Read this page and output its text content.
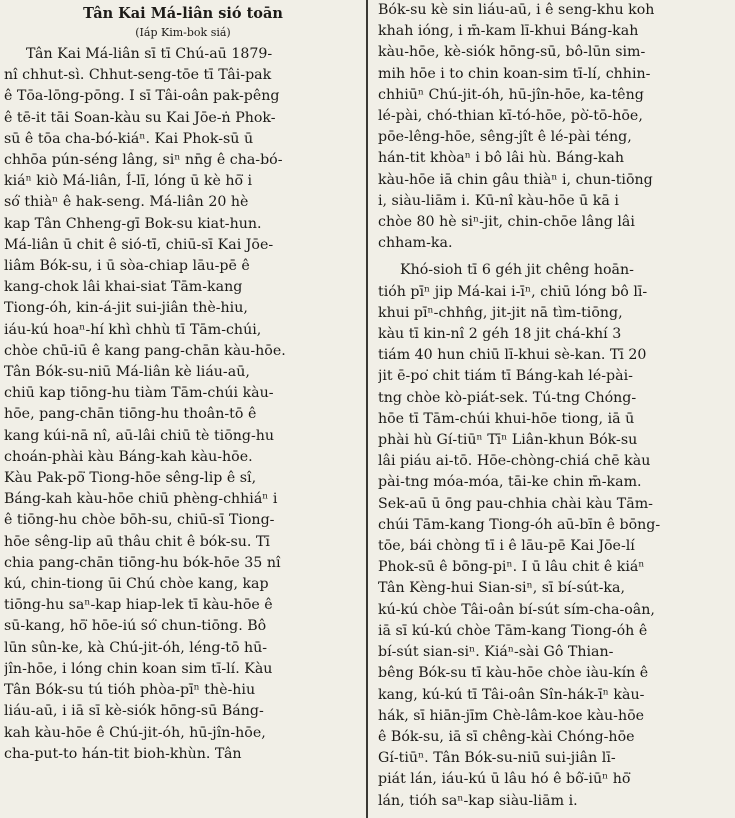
Tân Kai Má-liân sió toān
(Iáp Kim-bok siá)
Tân Kai Má-liân sī tī Chú-aū 1879-
nî chhut-sì. Chhut-seng-tōe tī Tâi-pak
ê Tōa-lōng-pōng. I sī Tâi-oân pak-pêng
ê tē-it tāi Soan-kàu su Kai Jōe-ṅ Phok-
sū ê tōa cha-bó-kiáⁿ. Kai Phok-sū ū
chhōa pún-séng lâng, siⁿ nn̄g ê cha-bó-
kiáⁿ kiò Má-liân, Í-lī, lóng ū kè hō͘ i
só͘ thiàⁿ ê hak-seng. Má-liân 20 hè
kap Tân Chheng-gī Bok-su kiat-hun.
Má-liân ū chit ê sió-tī, chiū-sī Kai Jōe-
liâm Bók-su, i ū sòa-chiap lāu-pē ê
kang-chok lâi khai-siat Tām-kang
Tiong-óh, kin-á-jit sui-jiân thè-hiu,
iáu-kú hoaⁿ-hí khì chhù tī Tām-chúi,
chòe chū-iū ê kang pang-chān kàu-hōe.
Tân Bók-su-niū Má-liân kè liáu-aū,
chiū kap tiōng-hu tiàm Tām-chúi kàu-
hōe, pang-chān tiōng-hu thoân-tō ê
kang kúi-nā nî, aū-lâi chiū tè tiōng-hu
choán-phài kàu Báng-kah kàu-hōe.
Kàu Pak-pō͘ Tiong-hōe sêng-lip ê sî,
Báng-kah kàu-hōe chiū phèng-chhiáⁿ i
ê tiōng-hu chòe bōh-su, chiū-sī Tiong-
hōe sêng-lip aū thâu chit ê bók-su. Tī
chia pang-chān tiōng-hu bók-hōe 35 nî
kú, chin-tiong ūi Chú chòe kang, kap
tiōng-hu saⁿ-kap hiap-lek tī kàu-hōe ê
sū-kang, hō͘ hōe-iú só͘ chun-tiōng. Bô
lūn sûn-ke, kà Chú-jit-óh, léng-tō hū-
jîn-hōe, i lóng chin koan sim tī-lí. Kàu
Tân Bók-su tú tióh phòa-pīⁿ thè-hiu
liáu-aū, i iā sī kè-siók hōng-sū Báng-
kah kàu-hōe ê Chú-jit-óh, hū-jîn-hōe,
cha-put-to hán-tit bioh-khùn. Tân
Bók-su kè sin liáu-aū, i ê seng-khu koh
khah ióng, i m̄-kam lī-khui Báng-kah
kàu-hōe, kè-siók hōng-sū, bô-lūn sim-
mih hōe i to chin koan-sim tī-lí, chhin-
chhiūⁿ Chú-jit-óh, hū-jîn-hōe, ka-têng
lé-pài, chó-thian kī-tó-hōe, pò͘-tō-hōe,
pōe-lêng-hōe, sêng-jît ê lé-pài téng,
hán-tit khòaⁿ i bô lâi hù. Báng-kah
kàu-hōe iā chin gâu thiàⁿ i, chun-tiōng
i, siàu-liām i. Kū-nî kàu-hōe ū kā i
chòe 80 hè siⁿ-jit, chin-chōe lâng lâi
chham-ka.
Khó-sioh tī 6 géh jit chêng hoān-
tióh pīⁿ jip Má-kai i-īⁿ, chiū lóng bô lī-
khui pīⁿ-chhn̂g, jit-jit nā tìm-tiōng,
kàu tī kin-nî 2 géh 18 jit chá-khí 3
tiám 40 hun chiū lī-khui sè-kan. Tī 20
jit ē-po͘ chit tiám tī Báng-kah lé-pài-
tng chòe kò-piát-sek. Tú-tng Chóng-
hōe tī Tām-chúi khui-hōe tiong, iā ū
phài hù Gí-tiūⁿ Tīⁿ Liân-khun Bók-su
lâi piáu ai-tō. Hōe-chòng-chiá chē kàu
pài-tng móa-móa, tāi-ke chin m̄-kam.
Sek-aū ū ōng pau-chhia chài kàu Tām-
chúi Tām-kang Tiong-óh aū-bīn ê bōng-
tōe, bái chòng tī i ê lāu-pē Kai Jōe-lí
Phok-sū ê bōng-piⁿ. I ū lâu chit ê kiáⁿ
Tân Kèng-hui Sian-siⁿ, sī bí-sút-ka,
kú-kú chòe Tâi-oân bí-sút sím-cha-oân,
iā sī kú-kú chòe Tām-kang Tiong-óh ê
bí-sút sian-siⁿ. Kiáⁿ-sài Gô Thian-
bêng Bók-su tī kàu-hōe chòe iàu-kín ê
kang, kú-kú tī Tâi-oân Sîn-hák-īⁿ kàu-
hák, sī hiān-jīm Chè-lâm-koe kàu-hōe
ê Bók-su, iā sī chêng-kài Chóng-hōe
Gí-tiūⁿ. Tân Bók-su-niū sui-jiân lī-
piát lán, iáu-kú ū lâu hó ê bô͘-iūⁿ hō͘
lán, tióh saⁿ-kap siàu-liām i.
